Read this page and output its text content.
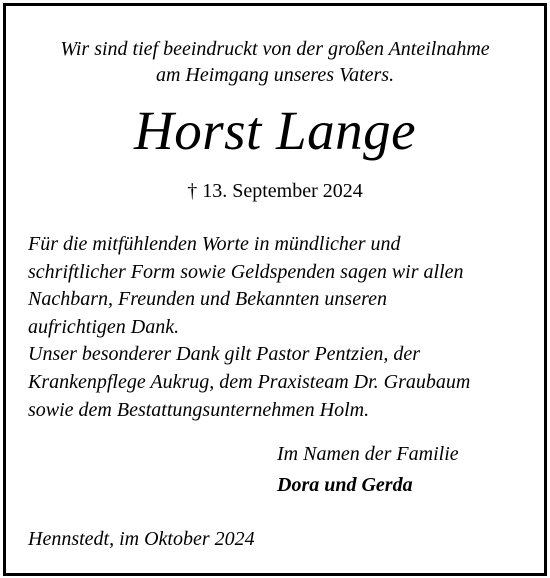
Wir sind tief beeindruckt von der großen Anteilnahme
am Heimgang unseres Vaters.
Horst Lange
† 13. September 2024
Für die mitfühlenden Worte in mündlicher und
schriftlicher Form sowie Geldspenden sagen wir allen
Nachbarn, Freunden und Bekannten unseren
aufrichtigen Dank.
Unser besonderer Dank gilt Pastor Pentzien, der
Krankenpflege Aukrug, dem Praxisteam Dr. Graubaum
sowie dem Bestattungsunternehmen Holm.
Im Namen der Familie
Dora und Gerda
Hennstedt, im Oktober 2024
